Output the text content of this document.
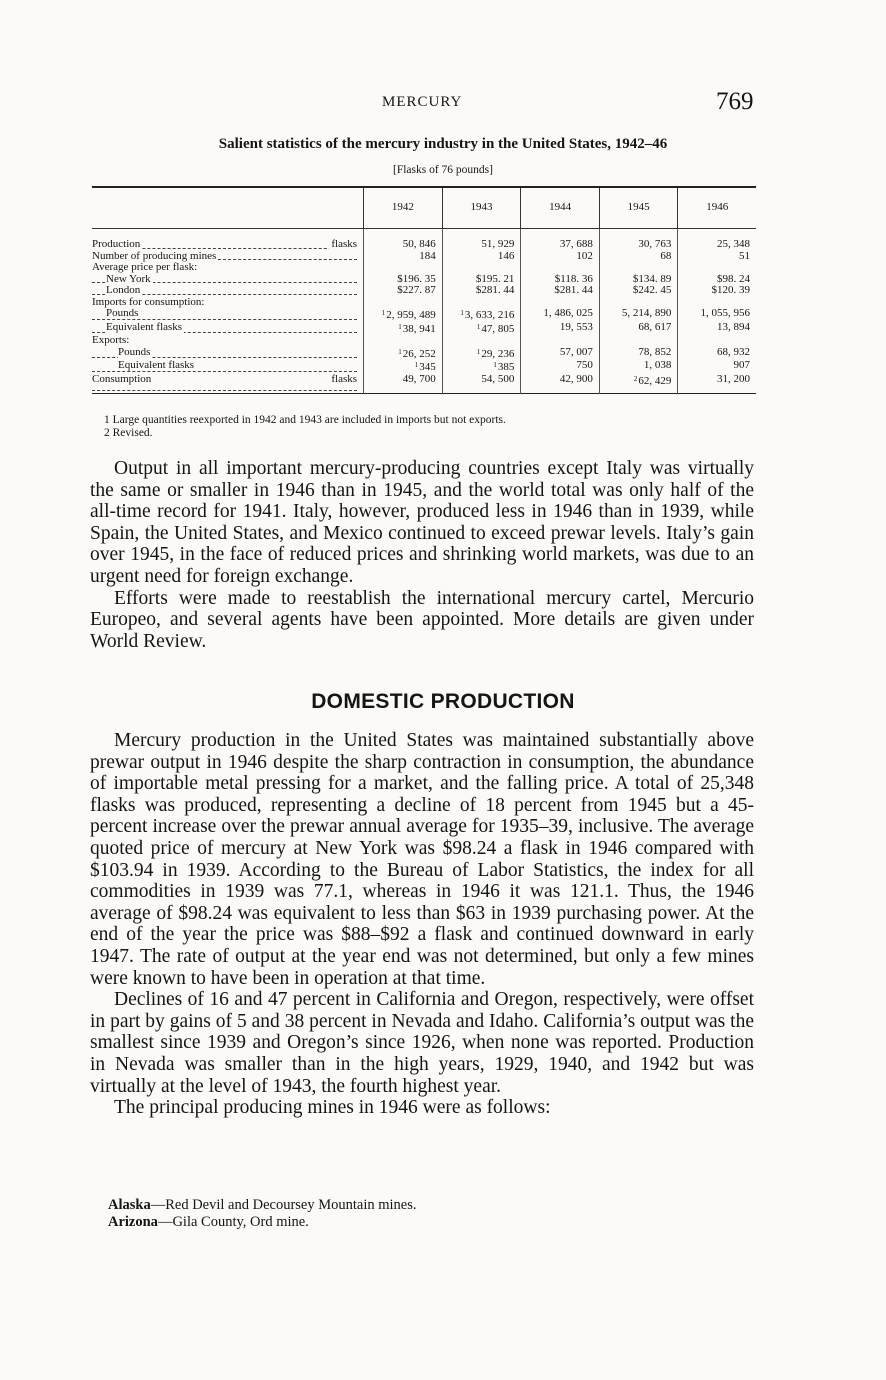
MERCURY	769
Salient statistics of the mercury industry in the United States, 1942–46
[Flasks of 76 pounds]
	1942	1943	1944	1945	1946
Production flasks	50, 846	51, 929	37, 688	30, 763	25, 348
Number of producing mines	184	146	102	68	51
Average price per flask:					
New York	$196. 35	$195. 21	$118. 36	$134. 89	$98. 24
London	$227. 87	$281. 44	$281. 44	$242. 45	$120. 39
Imports for consumption:					
Pounds	$^1$2, 959, 489	$^1$3, 633, 216	1, 486, 025	5, 214, 890	1, 055, 956
Equivalent flasks	$^1$38, 941	$^1$47, 805	19, 553	68, 617	13, 894
Exports:					
Pounds	$^1$26, 252	$^1$29, 236	57, 007	78, 852	68, 932
Equivalent flasks	$^1$345	$^1$385	750	1, 038	907
Consumption flasks	49, 700	54, 500	42, 900	$^2$62, 429	31, 200

1 Large quantities reexported in 1942 and 1943 are included in imports but not exports.

2 Revised.

Output in all important mercury-producing countries except Italy was virtually the same or smaller in 1946 than in 1945, and the world total was only half of the all-time record for 1941. Italy, however, produced less in 1946 than in 1939, while Spain, the United States, and Mexico continued to exceed prewar levels. Italy’s gain over 1945, in the face of reduced prices and shrinking world markets, was due to an urgent need for foreign exchange.

Efforts were made to reestablish the international mercury cartel, Mercurio Europeo, and several agents have been appointed. More details are given under World Review.

DOMESTIC PRODUCTION

Mercury production in the United States was maintained substantially above prewar output in 1946 despite the sharp contraction in consumption, the abundance of importable metal pressing for a market, and the falling price. A total of 25,348 flasks was produced, representing a decline of 18 percent from 1945 but a 45-percent increase over the prewar annual average for 1935–39, inclusive. The average quoted price of mercury at New York was $98.24 a flask in 1946 compared with $103.94 in 1939. According to the Bureau of Labor Statistics, the index for all commodities in 1939 was 77.1, whereas in 1946 it was 121.1. Thus, the 1946 average of $98.24 was equivalent to less than $63 in 1939 purchasing power. At the end of the year the price was $88–$92 a flask and continued downward in early 1947. The rate of output at the year end was not determined, but only a few mines were known to have been in operation at that time.

Declines of 16 and 47 percent in California and Oregon, respectively, were offset in part by gains of 5 and 38 percent in Nevada and Idaho. California’s output was the smallest since 1939 and Oregon’s since 1926, when none was reported. Production in Nevada was smaller than in the high years, 1929, 1940, and 1942 but was virtually at the level of 1943, the fourth highest year.

The principal producing mines in 1946 were as follows:

Alaska—Red Devil and Decoursey Mountain mines.

Arizona—Gila County, Ord mine.
